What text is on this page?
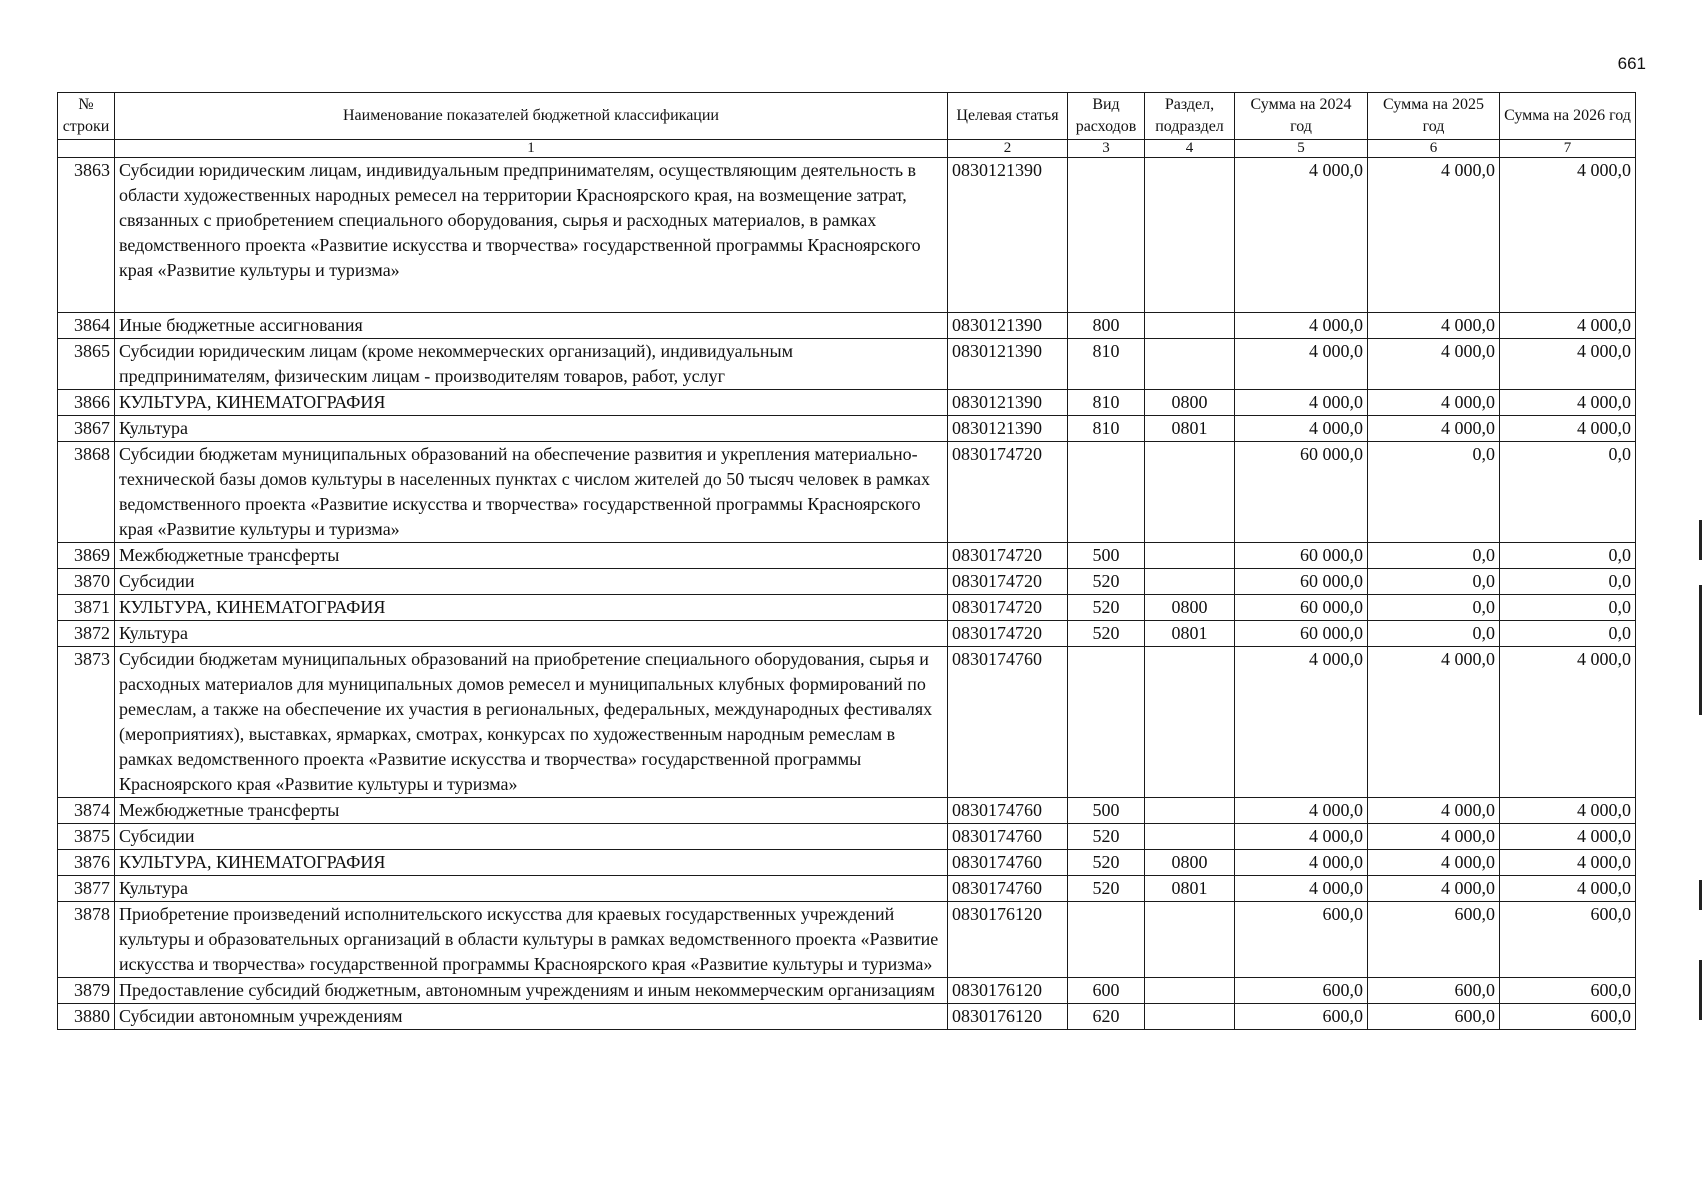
661
№ строки	Наименование показателей бюджетной классификации	Целевая статья	Вид расходов	Раздел, подраздел	Сумма на 2024 год	Сумма на 2025 год	Сумма на 2026 год
	1	2	3	4	5	6	7
3863	Субсидии юридическим лицам, индивидуальным предпринимателям, осуществляющим деятельность в области художественных народных ремесел на территории Красноярского края, на возмещение затрат, связанных с приобретением специального оборудования, сырья и расходных материалов, в рамках ведомственного проекта «Развитие искусства и творчества» государственной программы Красноярского края «Развитие культуры и туризма»	0830121390			4 000,0	4 000,0	4 000,0
3864	Иные бюджетные ассигнования	0830121390	800		4 000,0	4 000,0	4 000,0
3865	Субсидии юридическим лицам (кроме некоммерческих организаций), индивидуальным предпринимателям, физическим лицам - производителям товаров, работ, услуг	0830121390	810		4 000,0	4 000,0	4 000,0
3866	КУЛЬТУРА, КИНЕМАТОГРАФИЯ	0830121390	810	0800	4 000,0	4 000,0	4 000,0
3867	Культура	0830121390	810	0801	4 000,0	4 000,0	4 000,0
3868	Субсидии бюджетам муниципальных образований на обеспечение развития и укрепления материально-технической базы домов культуры в населенных пунктах с числом жителей до 50 тысяч человек в рамках ведомственного проекта «Развитие искусства и творчества» государственной программы Красноярского края «Развитие культуры и туризма»	0830174720			60 000,0	0,0	0,0
3869	Межбюджетные трансферты	0830174720	500		60 000,0	0,0	0,0
3870	Субсидии	0830174720	520		60 000,0	0,0	0,0
3871	КУЛЬТУРА, КИНЕМАТОГРАФИЯ	0830174720	520	0800	60 000,0	0,0	0,0
3872	Культура	0830174720	520	0801	60 000,0	0,0	0,0
3873	Субсидии бюджетам муниципальных образований на приобретение специального оборудования, сырья и расходных материалов для муниципальных домов ремесел и муниципальных клубных формирований по ремеслам, а также на обеспечение их участия в региональных, федеральных, международных фестивалях (мероприятиях), выставках, ярмарках, смотрах, конкурсах по художественным народным ремеслам в рамках ведомственного проекта «Развитие искусства и творчества» государственной программы Красноярского края «Развитие культуры и туризма»	0830174760			4 000,0	4 000,0	4 000,0
3874	Межбюджетные трансферты	0830174760	500		4 000,0	4 000,0	4 000,0
3875	Субсидии	0830174760	520		4 000,0	4 000,0	4 000,0
3876	КУЛЬТУРА, КИНЕМАТОГРАФИЯ	0830174760	520	0800	4 000,0	4 000,0	4 000,0
3877	Культура	0830174760	520	0801	4 000,0	4 000,0	4 000,0
3878	Приобретение произведений исполнительского искусства для краевых государственных учреждений культуры и образовательных организаций в области культуры в рамках ведомственного проекта «Развитие искусства и творчества» государственной программы Красноярского края «Развитие культуры и туризма»	0830176120			600,0	600,0	600,0
3879	Предоставление субсидий бюджетным, автономным учреждениям и иным некоммерческим организациям	0830176120	600		600,0	600,0	600,0
3880	Субсидии автономным учреждениям	0830176120	620		600,0	600,0	600,0
